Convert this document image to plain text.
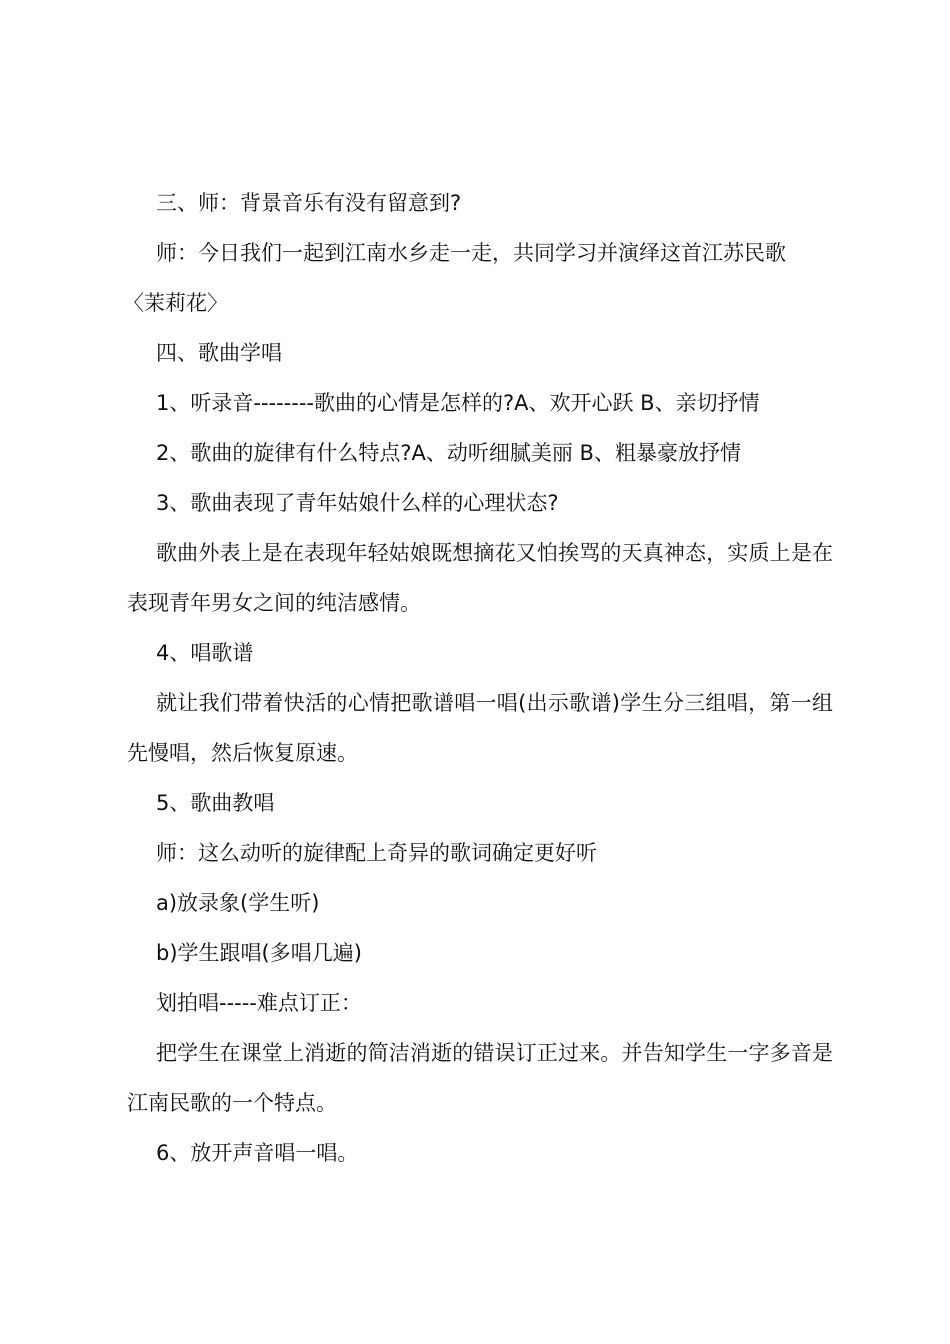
三、师：背景音乐有没有留意到?

师：今日我们一起到江南水乡走一走，共同学习并演绎这首江苏民歌

〈茉莉花〉

四、歌曲学唱

1、听录音--------歌曲的心情是怎样的?A、欢开心跃 B、亲切抒情

2、歌曲的旋律有什么特点?A、动听细腻美丽 B、粗暴豪放抒情

3、歌曲表现了青年姑娘什么样的心理状态?

歌曲外表上是在表现年轻姑娘既想摘花又怕挨骂的天真神态，实质上是在表现青年男女之间的纯洁感情。

4、唱歌谱

就让我们带着快活的心情把歌谱唱一唱(出示歌谱)学生分三组唱，第一组先慢唱，然后恢复原速。

5、歌曲教唱

师：这么动听的旋律配上奇异的歌词确定更好听

a)放录象(学生听)

b)学生跟唱(多唱几遍)

划拍唱-----难点订正：

把学生在课堂上消逝的简洁消逝的错误订正过来。并告知学生一字多音是江南民歌的一个特点。

6、放开声音唱一唱。
